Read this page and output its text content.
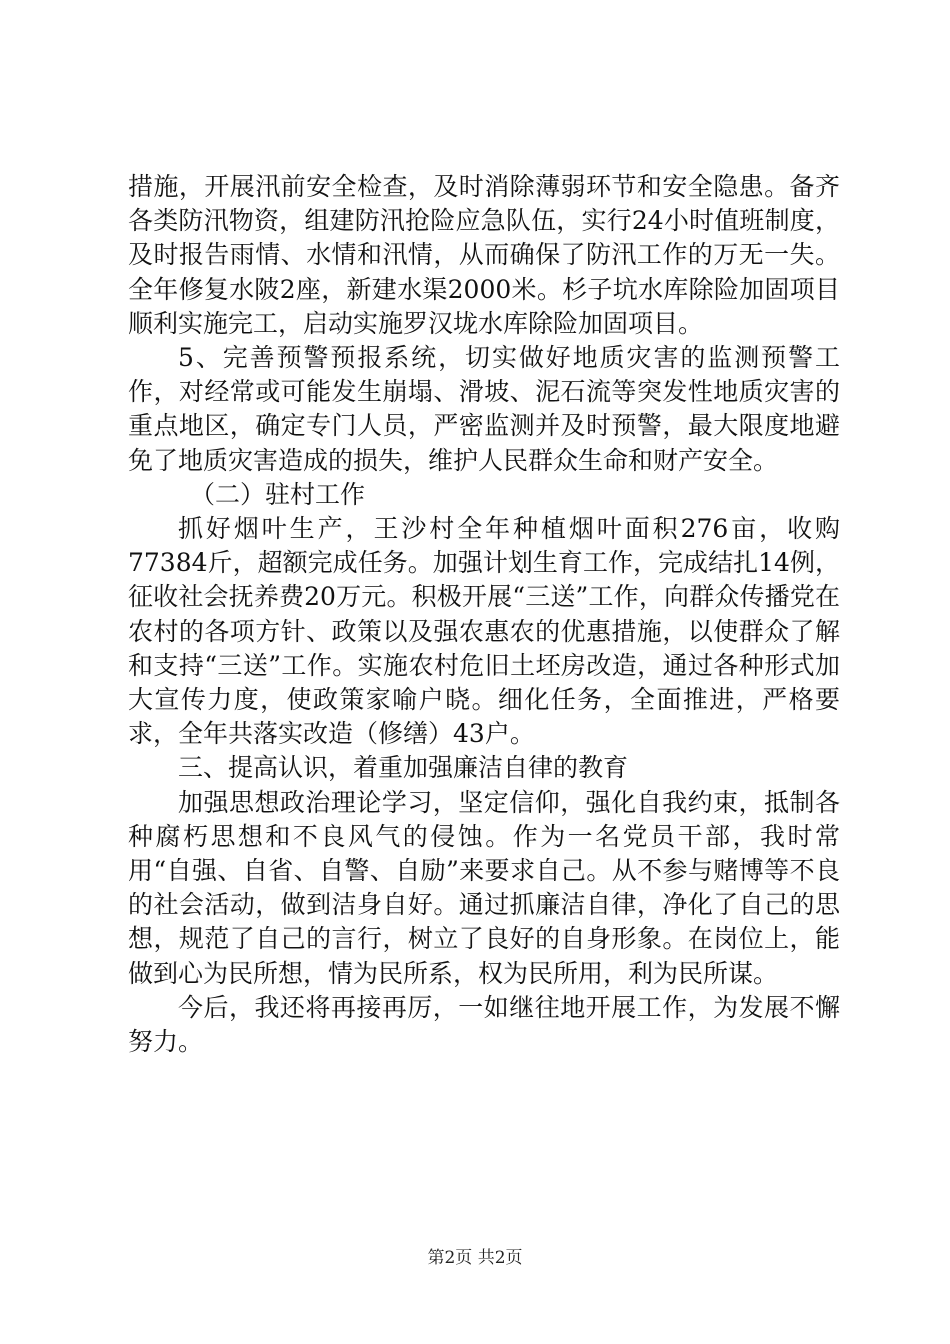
措施，开展汛前安全检查，及时消除薄弱环节和安全隐患。备齐各类防汛物资，组建防汛抢险应急队伍，实行24小时值班制度，及时报告雨情、水情和汛情，从而确保了防汛工作的万无一失。全年修复水陂2座，新建水渠2000米。杉子坑水库除险加固项目顺利实施完工，启动实施罗汉垅水库除险加固项目。

5、完善预警预报系统，切实做好地质灾害的监测预警工作，对经常或可能发生崩塌、滑坡、泥石流等突发性地质灾害的重点地区，确定专门人员，严密监测并及时预警，最大限度地避免了地质灾害造成的损失，维护人民群众生命和财产安全。

（二）驻村工作

抓好烟叶生产，王沙村全年种植烟叶面积276亩，收购77384斤，超额完成任务。加强计划生育工作，完成结扎14例，征收社会抚养费20万元。积极开展“三送”工作，向群众传播党在农村的各项方针、政策以及强农惠农的优惠措施，以使群众了解和支持“三送”工作。实施农村危旧土坯房改造，通过各种形式加大宣传力度，使政策家喻户晓。细化任务，全面推进，严格要求，全年共落实改造（修缮）43户。

三、提高认识，着重加强廉洁自律的教育

加强思想政治理论学习，坚定信仰，强化自我约束，抵制各种腐朽思想和不良风气的侵蚀。作为一名党员干部，我时常用“自强、自省、自警、自励”来要求自己。从不参与赌博等不良的社会活动，做到洁身自好。通过抓廉洁自律，净化了自己的思想，规范了自己的言行，树立了良好的自身形象。在岗位上，能做到心为民所想，情为民所系，权为民所用，利为民所谋。

今后，我还将再接再厉，一如继往地开展工作，为发展不懈努力。

第2页 共2页
